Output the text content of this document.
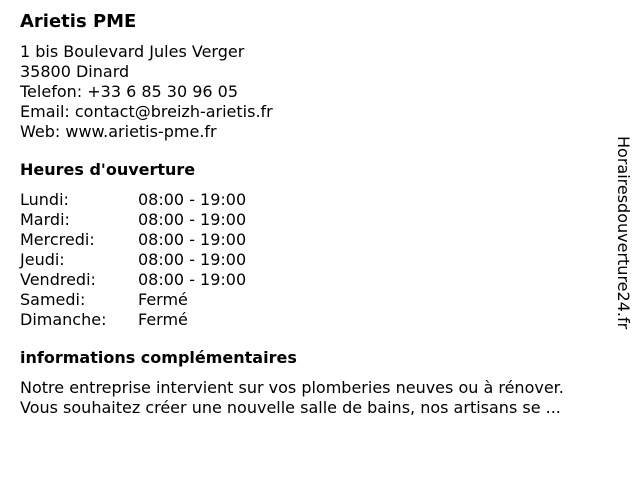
Arietis PME
1 bis Boulevard Jules Verger
35800 Dinard
Telefon: +33 6 85 30 96 05
Email: contact@breizh-arietis.fr
Web: www.arietis-pme.fr
Heures d'ouverture
Lundi:	08:00 - 19:00
Mardi:	08:00 - 19:00
Mercredi:	08:00 - 19:00
Jeudi:	08:00 - 19:00
Vendredi:	08:00 - 19:00
Samedi:	Fermé
Dimanche:	Fermé
informations complémentaires
Notre entreprise intervient sur vos plomberies neuves ou à rénover.
Vous souhaitez créer une nouvelle salle de bains, nos artisans se ...
Horairesdouverture24.fr
